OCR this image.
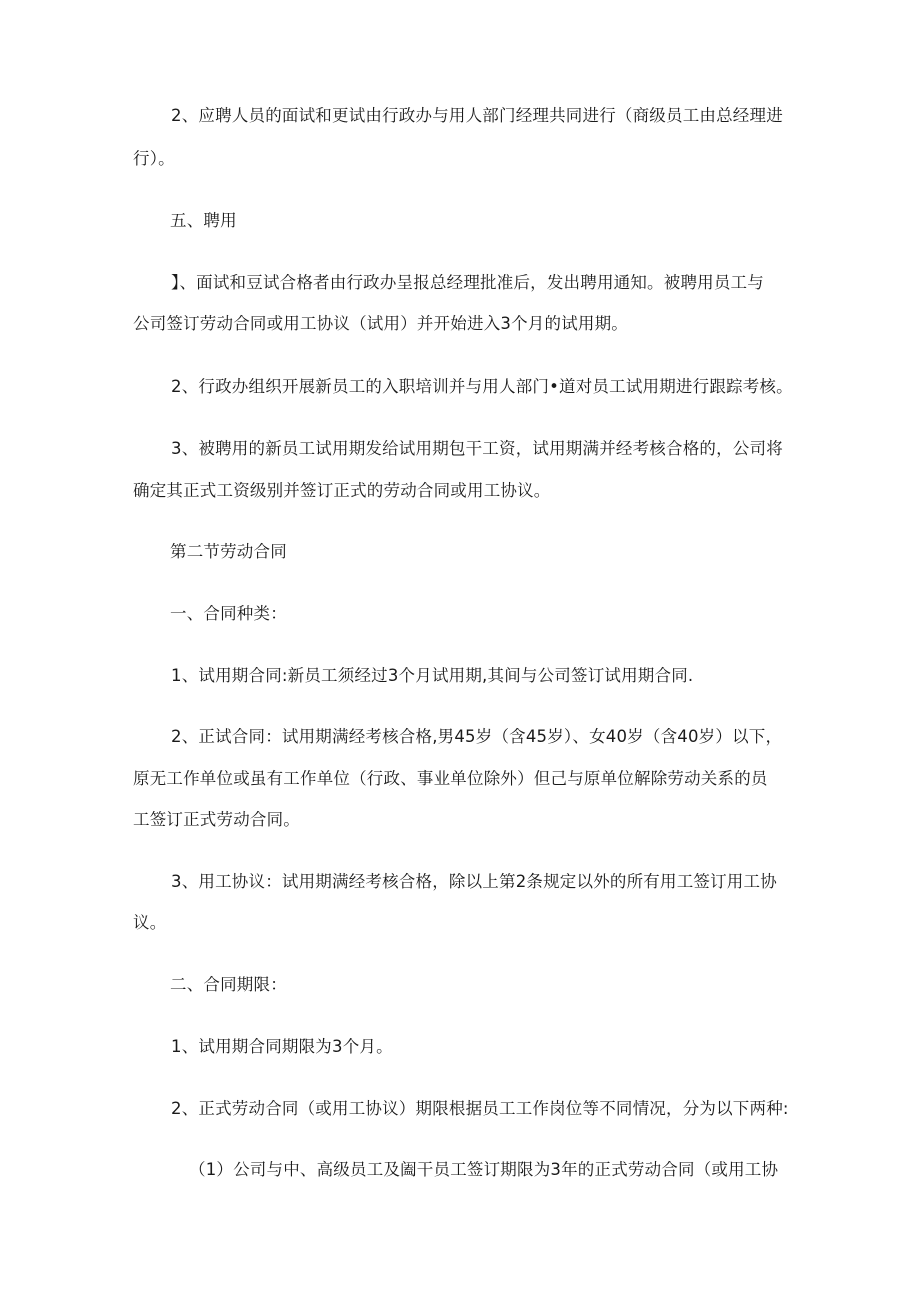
2、应聘人员的面试和更试由行政办与用人部门经理共同进行（商级员工由总经理进
行）。
五、聘用
】、面试和豆试合格者由行政办呈报总经理批准后，发出聘用通知。被聘用员工与
公司签订劳动合同或用工协议（试用）并开始进入3个月的试用期。
2、行政办组织开展新员工的入职培训并与用人部门•道对员工试用期进行跟踪考核。
3、被聘用的新员工试用期发给试用期包干工资，试用期满并经考核合格的，公司将
确定其正式工资级别并签订正式的劳动合同或用工协议。
第二节劳动合同
一、合同种类：
1、试用期合同:新员工须经过3个月试用期,其间与公司签订试用期合同.
2、正试合同：试用期满经考核合格,男45岁（含45岁）、女40岁（含40岁）以下，
原无工作单位或虽有工作单位（行政、事业单位除外）但己与原单位解除劳动关系的员
工签订正式劳动合同。
3、用工协议：试用期满经考核合格，除以上第2条规定以外的所有用工签订用工协
议。
二、合同期限：
1、试用期合同期限为3个月。
2、正式劳动合同（或用工协议）期限根据员工工作岗位等不同情况，分为以下两种:
（1）公司与中、高级员工及阖干员工签订期限为3年的正式劳动合同（或用工协
